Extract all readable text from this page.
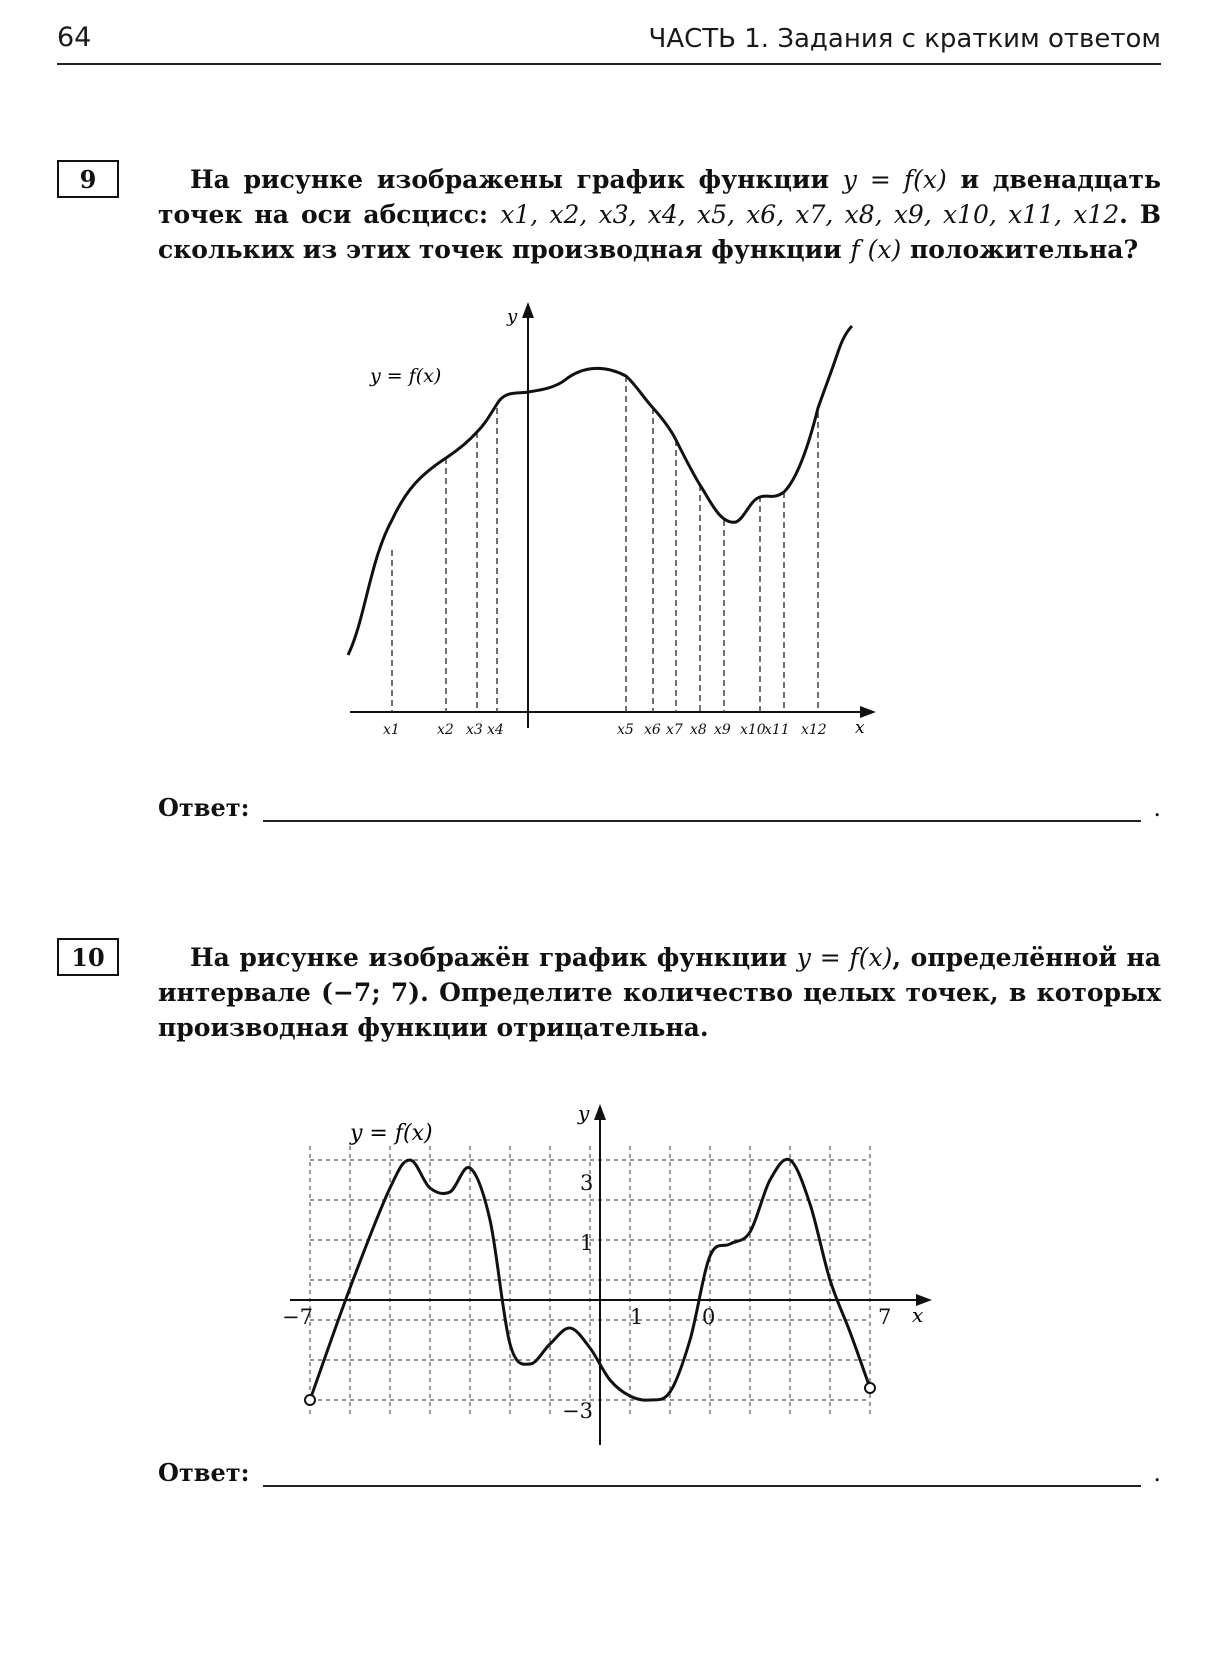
64	ЧАСТЬ 1. Задания с кратким ответом
9	На рисунке изображены график функции y = f(x) и двенадцать точек на оси абсцисс: x1, x2, x3, x4, x5, x6, x7, x8, x9, x10, x11, x12. В скольких из этих точек производная функции f (x) положительна?

y
x
y = f(x)
x1	x2 x3 x4	x5 x6 x7 x8 x9 x10
x11 x12
Ответ:	.
10	На рисунке изображён график функции y = f(x), определённой на интервале (−7; 7). Определите количество целых точек, в которых производная функции отрицательна.

y
x
y = f(x)
−7	1	0	7
3
1
−3
Ответ:	.
